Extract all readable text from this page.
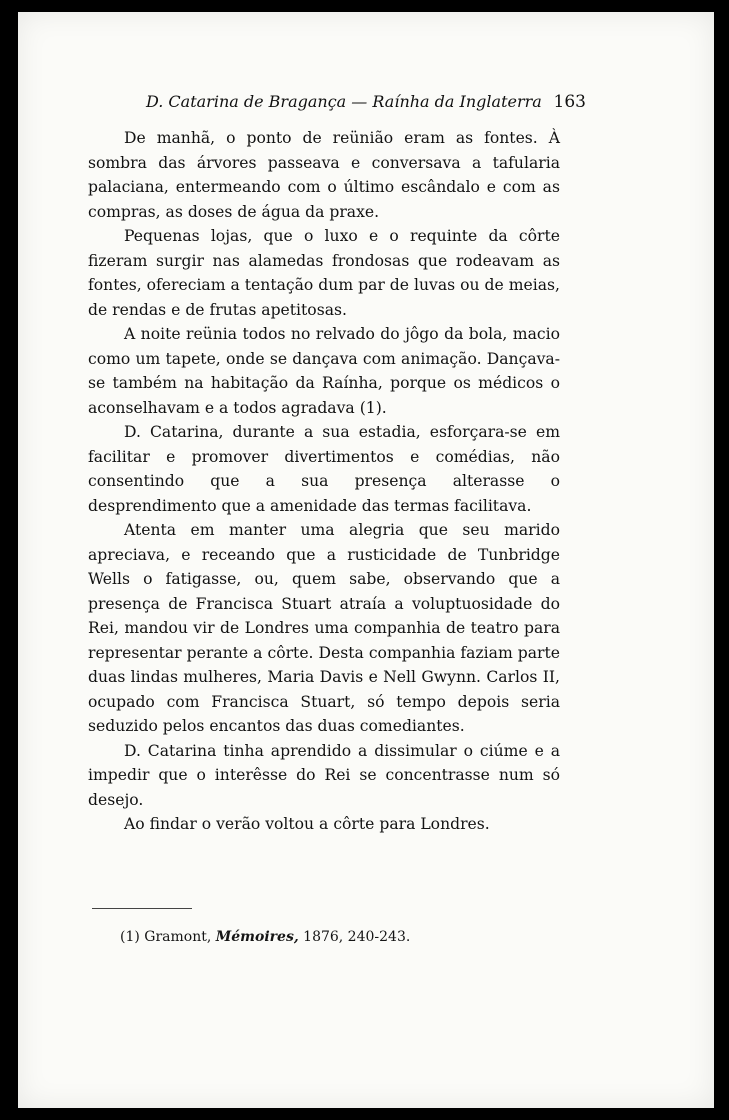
D. Catarina de Bragança — Raínha da Inglaterra 163

De manhã, o ponto de reünião eram as fontes. À sombra das árvores passeava e conversava a tafularia palaciana, entermeando com o último escândalo e com as compras, as doses de água da praxe.

Pequenas lojas, que o luxo e o requinte da côrte fizeram surgir nas alamedas frondosas que rodeavam as fontes, ofereciam a tentação dum par de luvas ou de meias, de rendas e de frutas apetitosas.

A noite reünia todos no relvado do jôgo da bola, macio como um tapete, onde se dançava com animação. Dançava-se também na habitação da Raínha, porque os médicos o aconselhavam e a todos agradava (1).

D. Catarina, durante a sua estadia, esforçara-se em facilitar e promover divertimentos e comédias, não consentindo que a sua presença alterasse o desprendimento que a amenidade das termas facilitava.

Atenta em manter uma alegria que seu marido apreciava, e receando que a rusticidade de Tunbridge Wells o fatigasse, ou, quem sabe, observando que a presença de Francisca Stuart atraía a voluptuosidade do Rei, mandou vir de Londres uma companhia de teatro para representar perante a côrte. Desta companhia faziam parte duas lindas mulheres, Maria Davis e Nell Gwynn. Carlos II, ocupado com Francisca Stuart, só tempo depois seria seduzido pelos encantos das duas comediantes.

D. Catarina tinha aprendido a dissimular o ciúme e a impedir que o interêsse do Rei se concentrasse num só desejo.

Ao findar o verão voltou a côrte para Londres.

(1) Gramont, Mémoires, 1876, 240-243.
